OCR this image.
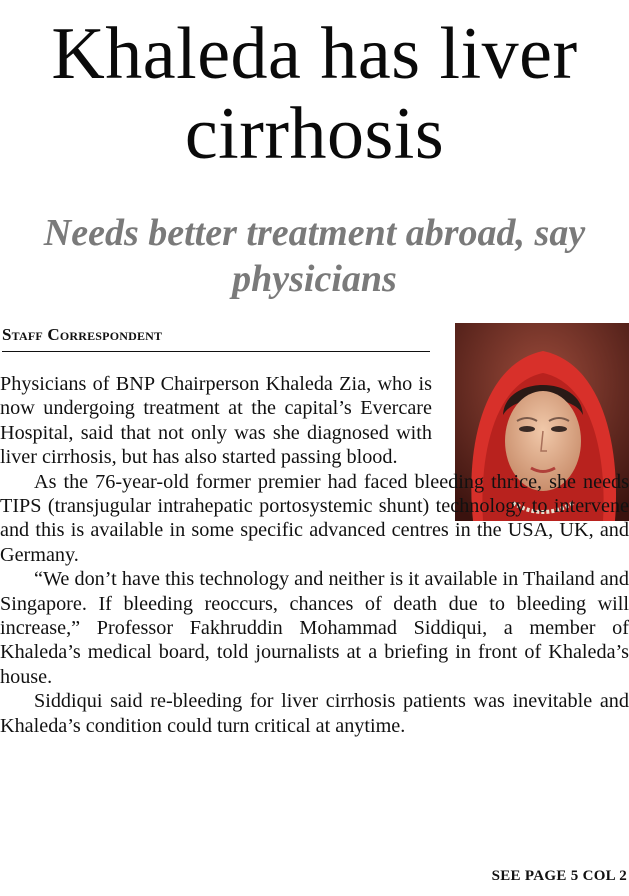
Khaleda has liver cirrhosis
Needs better treatment abroad, say physicians
Staff Correspondent

Physicians of BNP Chairperson Khaleda Zia, who is now undergoing treatment at the capital’s Evercare Hospital, said that not only was she diagnosed with liver cirrhosis, but has also started passing blood.

As the 76-year-old former premier had faced bleeding thrice, she needs TIPS (transjugular intrahepatic portosystemic shunt) technology to intervene and this is available in some specific advanced centres in the USA, UK, and Germany.

“We don’t have this technology and neither is it available in Thailand and Singapore. If bleeding reoccurs, chances of death due to bleeding will increase,” Professor Fakhruddin Mohammad Siddiqui, a member of Khaleda’s medical board, told journalists at a briefing in front of Khaleda’s house.

Siddiqui said re-bleeding for liver cirrhosis patients was inevitable and Khaleda’s condition could turn critical at anytime.

SEE PAGE 5 COL 2
